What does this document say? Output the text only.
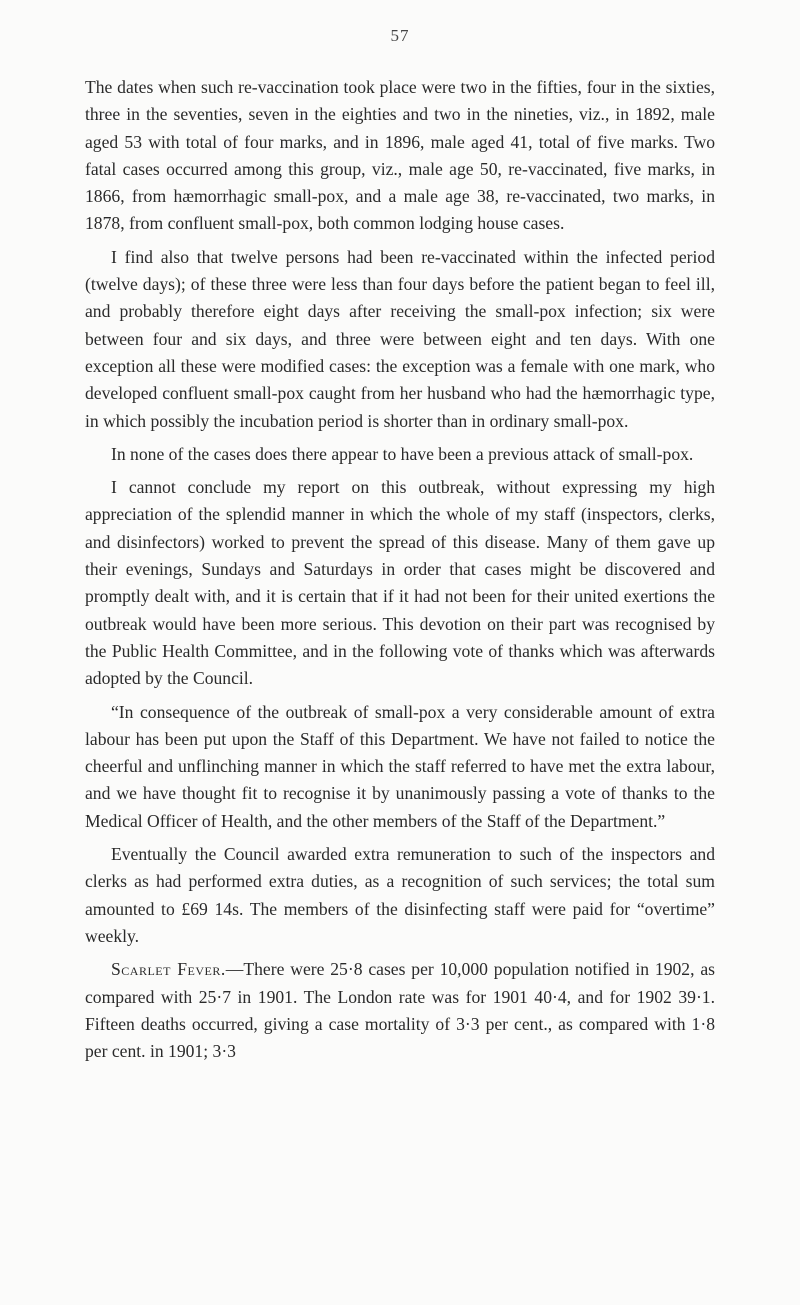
57

The dates when such re-vaccination took place were two in the fifties, four in the sixties, three in the seventies, seven in the eighties and two in the nineties, viz., in 1892, male aged 53 with total of four marks, and in 1896, male aged 41, total of five marks. Two fatal cases occurred among this group, viz., male age 50, re-vaccinated, five marks, in 1866, from hæmorrhagic small-pox, and a male age 38, re-vaccinated, two marks, in 1878, from confluent small-pox, both common lodging house cases.

I find also that twelve persons had been re-vaccinated within the infected period (twelve days); of these three were less than four days before the patient began to feel ill, and probably therefore eight days after receiving the small-pox infection; six were between four and six days, and three were between eight and ten days. With one exception all these were modified cases: the exception was a female with one mark, who developed confluent small-pox caught from her husband who had the hæmorrhagic type, in which possibly the incubation period is shorter than in ordinary small-pox.

In none of the cases does there appear to have been a previous attack of small-pox.

I cannot conclude my report on this outbreak, without expressing my high appreciation of the splendid manner in which the whole of my staff (inspectors, clerks, and disinfectors) worked to prevent the spread of this disease. Many of them gave up their evenings, Sundays and Saturdays in order that cases might be discovered and promptly dealt with, and it is certain that if it had not been for their united exertions the outbreak would have been more serious. This devotion on their part was recognised by the Public Health Committee, and in the following vote of thanks which was afterwards adopted by the Council.

“In consequence of the outbreak of small-pox a very considerable amount of extra labour has been put upon the Staff of this Department. We have not failed to notice the cheerful and unflinching manner in which the staff referred to have met the extra labour, and we have thought fit to recognise it by unanimously passing a vote of thanks to the Medical Officer of Health, and the other members of the Staff of the Department.”

Eventually the Council awarded extra remuneration to such of the inspectors and clerks as had performed extra duties, as a recognition of such services; the total sum amounted to £69 14s. The members of the disinfecting staff were paid for “overtime” weekly.

Scarlet Fever.—There were 25·8 cases per 10,000 population notified in 1902, as compared with 25·7 in 1901. The London rate was for 1901 40·4, and for 1902 39·1. Fifteen deaths occurred, giving a case mortality of 3·3 per cent., as compared with 1·8 per cent. in 1901; 3·3
